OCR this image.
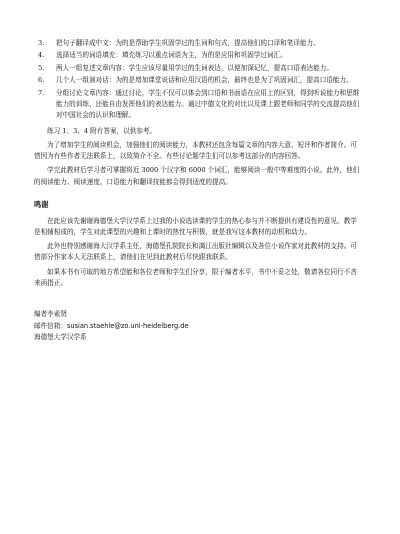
3.	把句子翻译成中文：为的是帮助学生巩固学过的生词和句式，提高他们的口译和笔译能力。
4.	选择适当的词语填充：填充练习以重点词语为主，为的是应用和巩固学过词汇。
5.	两人一组复述文章内容：学生应该尽量用学过的生词表达，以便加深记忆，提高口语表达能力。
6.	几个人一组演对话：为的是增加课堂说话和应用汉语的机会，最终也是为了巩固词汇，提高口语能力。
7.	分组讨论文章内容：通过讨论，学生不仅可以体会到口语和书面语在应用上的区别，得到听说能力和思维能力的训练，还能自由发挥他们的表达能力。通过中德文化的对比以及课上跟老师和同学的交流提高他们对中国社会的认识和理解。

练习 1、3、4 附有答案，以供参考。

为了增加学生的阅读机会，加强他们的阅读能力，本教材还包含每篇文章的内容大意、短评和作者简介。可惜因为有些作者无法联系上，以致简介不全。有些讨论题学生们可以参考这部分的内容回答。

学完此教材后学习者可掌握将近 3000 个汉字和 6000 个词汇，能够阅读一般中等难度的小说。此外，他们的阅读能力、阅读速度、口语能力和翻译技能都会得到适度的提高。

鸣谢

在此应该先谢谢海德堡大学汉学系上过我的小说选读课的学生的热心参与并不断提供有建设性的意见。教学是相辅相成的，学生对此课型的兴趣和上课时的热忱与积极，就是我写这本教材的动机和动力。

此外也特别感谢海大汉学系主任，海德堡孔院院长和漓江出版社编辑以及各位小说作家对此教材的支持。可惜部分作家本人无法联系上，请他们在见到此教材后尽快跟我联系。

如果本书有可取的地方希望能和各位老师和学生们分享，限于编者水平，书中不妥之处，敬请各位同行不吝来函指正。

编者李素贤
邮件信箱：susian.staehle@zo.uni-heidelberg.de
海德堡大学汉学系
